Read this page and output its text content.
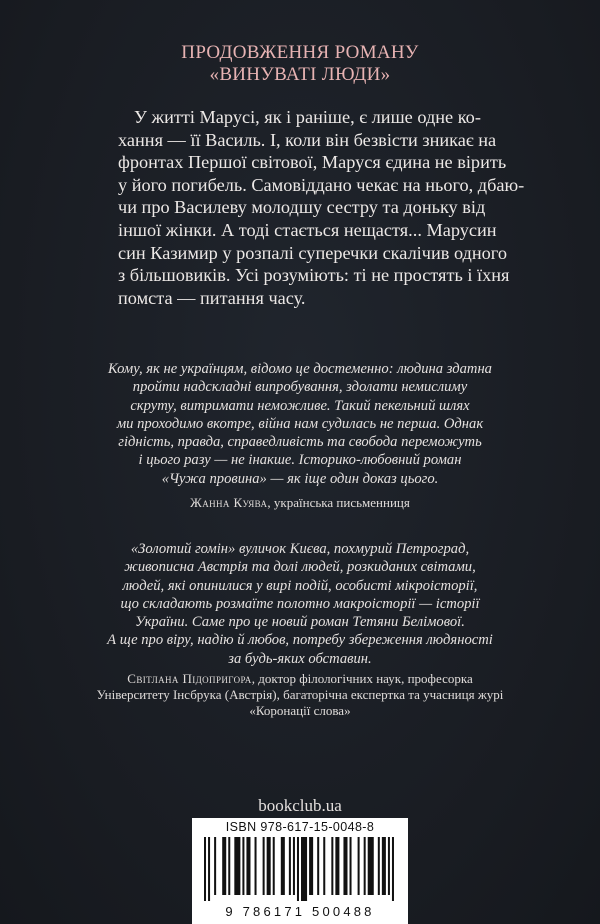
ПРОДОВЖЕННЯ РОМАНУ
«ВИНУВАТІ ЛЮДИ»
У житті Марусі, як і раніше, є лише одне ко-
хання — її Василь. І, коли він безвісти зникає на
фронтах Першої світової, Маруся єдина не вірить
у його погибель. Самовіддано чекає на нього, дбаю-
чи про Василеву молодшу сестру та доньку від
іншої жінки. А тоді стається нещастя... Марусин
син Казимир у розпалі суперечки скалічив одного
з більшовиків. Усі розуміють: ті не простять і їхня
помста — питання часу.
Кому, як не українцям, відомо це достеменно: людина здатна
пройти надскладні випробування, здолати немислиму
скруту, витримати неможливе. Такий пекельний шлях
ми проходимо вкотре, війна нам судилась не перша. Однак
гідність, правда, справедливість та свобода переможуть
і цього разу — не інакше. Історико-любовний роман
«Чужа провина» — як іще один доказ цього.
Жанна Куява, українська письменниця
«Золотий гомін» вуличок Києва, похмурий Петроград,
живописна Австрія та долі людей, розкиданих світами,
людей, які опинилися у вирі подій, особисті мікроісторії,
що складають розмаїте полотно макроісторії — історії
України. Саме про це новий роман Тетяни Белімової.
А ще про віру, надію й любов, потребу збереження людяності
за будь-яких обставин.
Світлана Підопригора, доктор філологічних наук, професорка
Університету Інсбрука (Австрія), багаторічна експертка та учасниця журі
«Коронації слова»
bookclub.ua
ISBN 978-617-15-0048-8
9 786171 500488
